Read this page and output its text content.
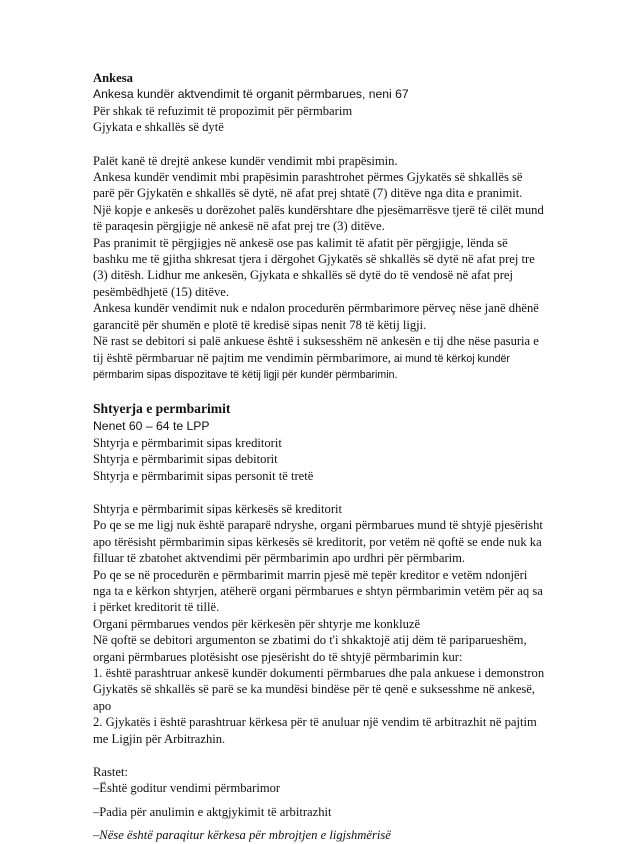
Ankesa
Ankesa kundër aktvendimit të organit përmbarues, neni 67
Për shkak të refuzimit të propozimit për përmbarim
Gjykata e shkallës së dytë
Palët kanë të drejtë ankese kundër vendimit mbi prapësimin.
Ankesa kundër vendimit mbi prapësimin parashtrohet përmes Gjykatës së shkallës së
parë për Gjykatën e shkallës së dytë, në afat prej shtatë (7) ditëve nga dita e pranimit.
Një kopje e ankesës u dorëzohet palës kundërshtare dhe pjesëmarrësve tjerë të cilët mund
të paraqesin përgjigje në ankesë në afat prej tre (3) ditëve.
Pas pranimit të përgjigjes në ankesë ose pas kalimit të afatit për përgjigje, lënda së
bashku me të gjitha shkresat tjera i dërgohet Gjykatës së shkallës së dytë në afat prej tre
(3) ditësh. Lidhur me ankesën, Gjykata e shkallës së dytë do të vendosë në afat prej
pesëmbëdhjetë (15) ditëve.
Ankesa kundër vendimit nuk e ndalon procedurën përmbarimore përveç nëse janë dhënë
garancitë për shumën e plotë të kredisë sipas nenit 78 të këtij ligji.
Në rast se debitori si palë ankuese është i suksesshëm në ankesën e tij dhe nëse pasuria e
tij është përmbaruar në pajtim me vendimin përmbarimore, ai mund të kërkoj kundër
përmbarim sipas dispozitave të këtij ligji për kundër përmbarimin.
Shtyerja e permbarimit
Nenet 60 – 64 te LPP
Shtyrja e përmbarimit sipas kreditorit
Shtyrja e përmbarimit sipas debitorit
Shtyrja e përmbarimit sipas personit të tretë
Shtyrja e përmbarimit sipas kërkesës së kreditorit
Po qe se me ligj nuk është paraparë ndryshe, organi përmbarues mund të shtyjë pjesërisht
apo tërësisht përmbarimin sipas kërkesës së kreditorit, por vetëm në qoftë se ende nuk ka
filluar të zbatohet aktvendimi për përmbarimin apo urdhri për përmbarim.
Po qe se në procedurën e përmbarimit marrin pjesë më tepër kreditor e vetëm ndonjëri
nga ta e kërkon shtyrjen, atëherë organi përmbarues e shtyn përmbarimin vetëm për aq sa
i përket kreditorit të tillë.
Organi përmbarues vendos për kërkesën për shtyrje me konkluzë
Në qoftë se debitori argumenton se zbatimi do t'i shkaktojë atij dëm të pariparueshëm,
organi përmbarues plotësisht ose pjesërisht do të shtyjë përmbarimin kur:
1. është parashtruar ankesë kundër dokumenti përmbarues dhe pala ankuese i demonstron
Gjykatës së shkallës së parë se ka mundësi bindëse për të qenë e suksesshme në ankesë,
apo
2. Gjykatës i është parashtruar kërkesa për të anuluar një vendim të arbitrazhit në pajtim
me Ligjin për Arbitrazhin.
Rastet:
–Është goditur vendimi përmbarimor
–Padia për anulimin e aktgjykimit të arbitrazhit
–Nëse është paraqitur kërkesa për mbrojtjen e ligjshmërisë
